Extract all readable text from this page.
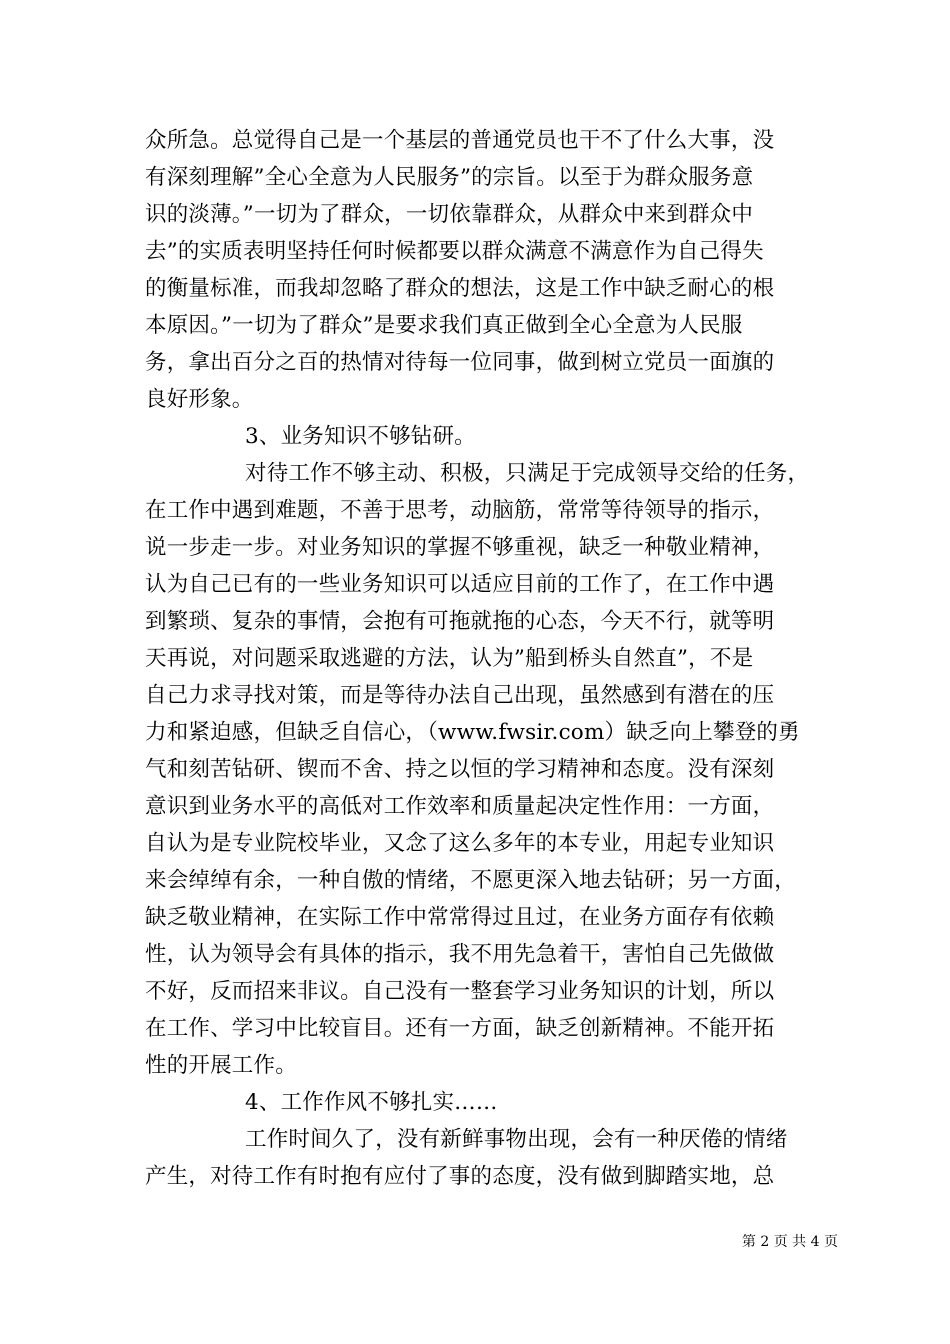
第 2 页 共 4 页
众所急。总觉得自己是一个基层的普通党员也干不了什么大事，没
有深刻理解”全心全意为人民服务”的宗旨。以至于为群众服务意
识的淡薄。”一切为了群众，一切依靠群众，从群众中来到群众中
去”的实质表明坚持任何时候都要以群众满意不满意作为自己得失
的衡量标准，而我却忽略了群众的想法，这是工作中缺乏耐心的根
本原因。”一切为了群众”是要求我们真正做到全心全意为人民服
务，拿出百分之百的热情对待每一位同事，做到树立党员一面旗的
良好形象。
3、业务知识不够钻研。
对待工作不够主动、积极，只满足于完成领导交给的任务，
在工作中遇到难题，不善于思考，动脑筋，常常等待领导的指示，
说一步走一步。对业务知识的掌握不够重视，缺乏一种敬业精神，
认为自己已有的一些业务知识可以适应目前的工作了，在工作中遇
到繁琐、复杂的事情，会抱有可拖就拖的心态，今天不行，就等明
天再说，对问题采取逃避的方法，认为”船到桥头自然直”，不是
自己力求寻找对策，而是等待办法自己出现，虽然感到有潜在的压
力和紧迫感，但缺乏自信心，（www.fwsir.com）缺乏向上攀登的勇
气和刻苦钻研、锲而不舍、持之以恒的学习精神和态度。没有深刻
意识到业务水平的高低对工作效率和质量起决定性作用：一方面，
自认为是专业院校毕业，又念了这么多年的本专业，用起专业知识
来会绰绰有余，一种自傲的情绪，不愿更深入地去钻研；另一方面，
缺乏敬业精神，在实际工作中常常得过且过，在业务方面存有依赖
性，认为领导会有具体的指示，我不用先急着干，害怕自己先做做
不好，反而招来非议。自己没有一整套学习业务知识的计划，所以
在工作、学习中比较盲目。还有一方面，缺乏创新精神。不能开拓
性的开展工作。
4、工作作风不够扎实……
工作时间久了，没有新鲜事物出现，会有一种厌倦的情绪
产生，对待工作有时抱有应付了事的态度，没有做到脚踏实地，总
